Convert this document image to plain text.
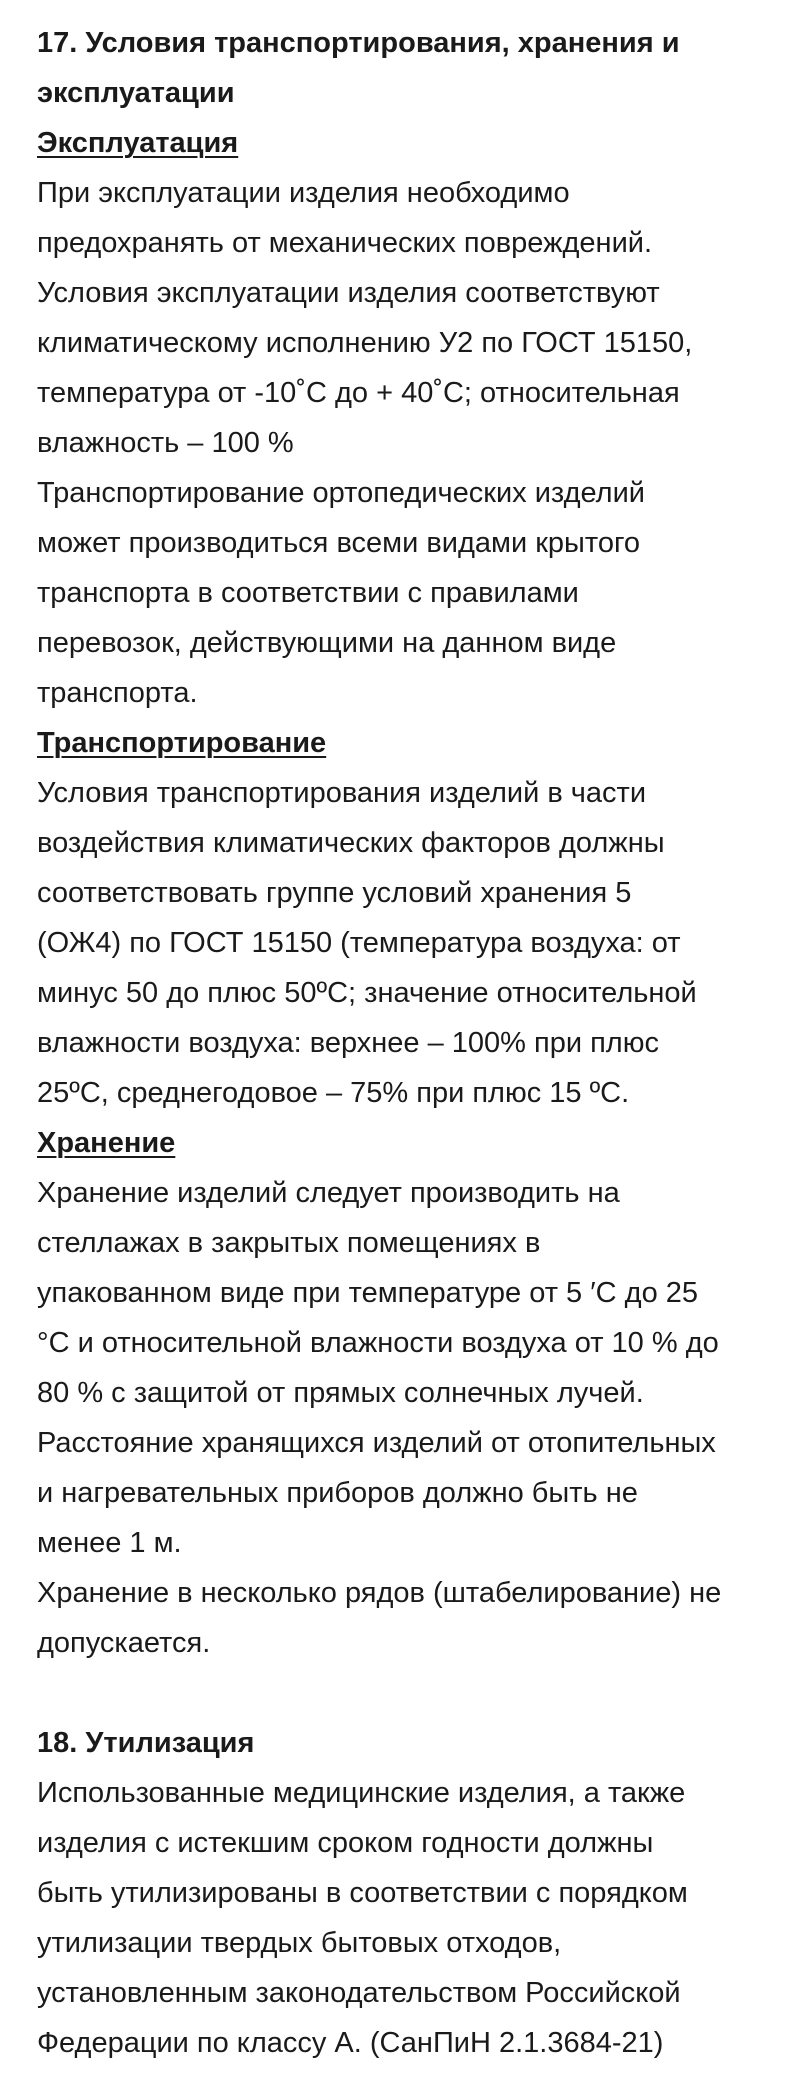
17. Условия транспортирования, хранения и
эксплуатации
Эксплуатация
При эксплуатации изделия необходимо
предохранять от механических повреждений.
Условия эксплуатации изделия соответствуют
климатическому исполнению У2 по ГОСТ 15150,
температура от -10˚С до + 40˚С; относительная
влажность – 100 %
Транспортирование ортопедических изделий
может производиться всеми видами крытого
транспорта в соответствии с правилами
перевозок, действующими на данном виде
транспорта.
Транспортирование
Условия транспортирования изделий в части
воздействия климатических факторов должны
соответствовать группе условий хранения 5
(ОЖ4) по ГОСТ 15150 (температура воздуха: от
минус 50 до плюс 50ºС; значение относительной
влажности воздуха: верхнее – 100% при плюс
25ºС, среднегодовое – 75% при плюс 15 ºС.
Хранение
Хранение изделий следует производить на
стеллажах в закрытых помещениях в
упакованном виде при температуре от 5 ′С до 25
°С и относительной влажности воздуха от 10 % до
80 % с защитой от прямых солнечных лучей.
Расстояние хранящихся изделий от отопительных
и нагревательных приборов должно быть не
менее 1 м.
Хранение в несколько рядов (штабелирование) не
допускается.
18. Утилизация
Использованные медицинские изделия, а также
изделия с истекшим сроком годности должны
быть утилизированы в соответствии с порядком
утилизации твердых бытовых отходов,
установленным законодательством Российской
Федерации по классу А. (СанПиН 2.1.3684-21)
